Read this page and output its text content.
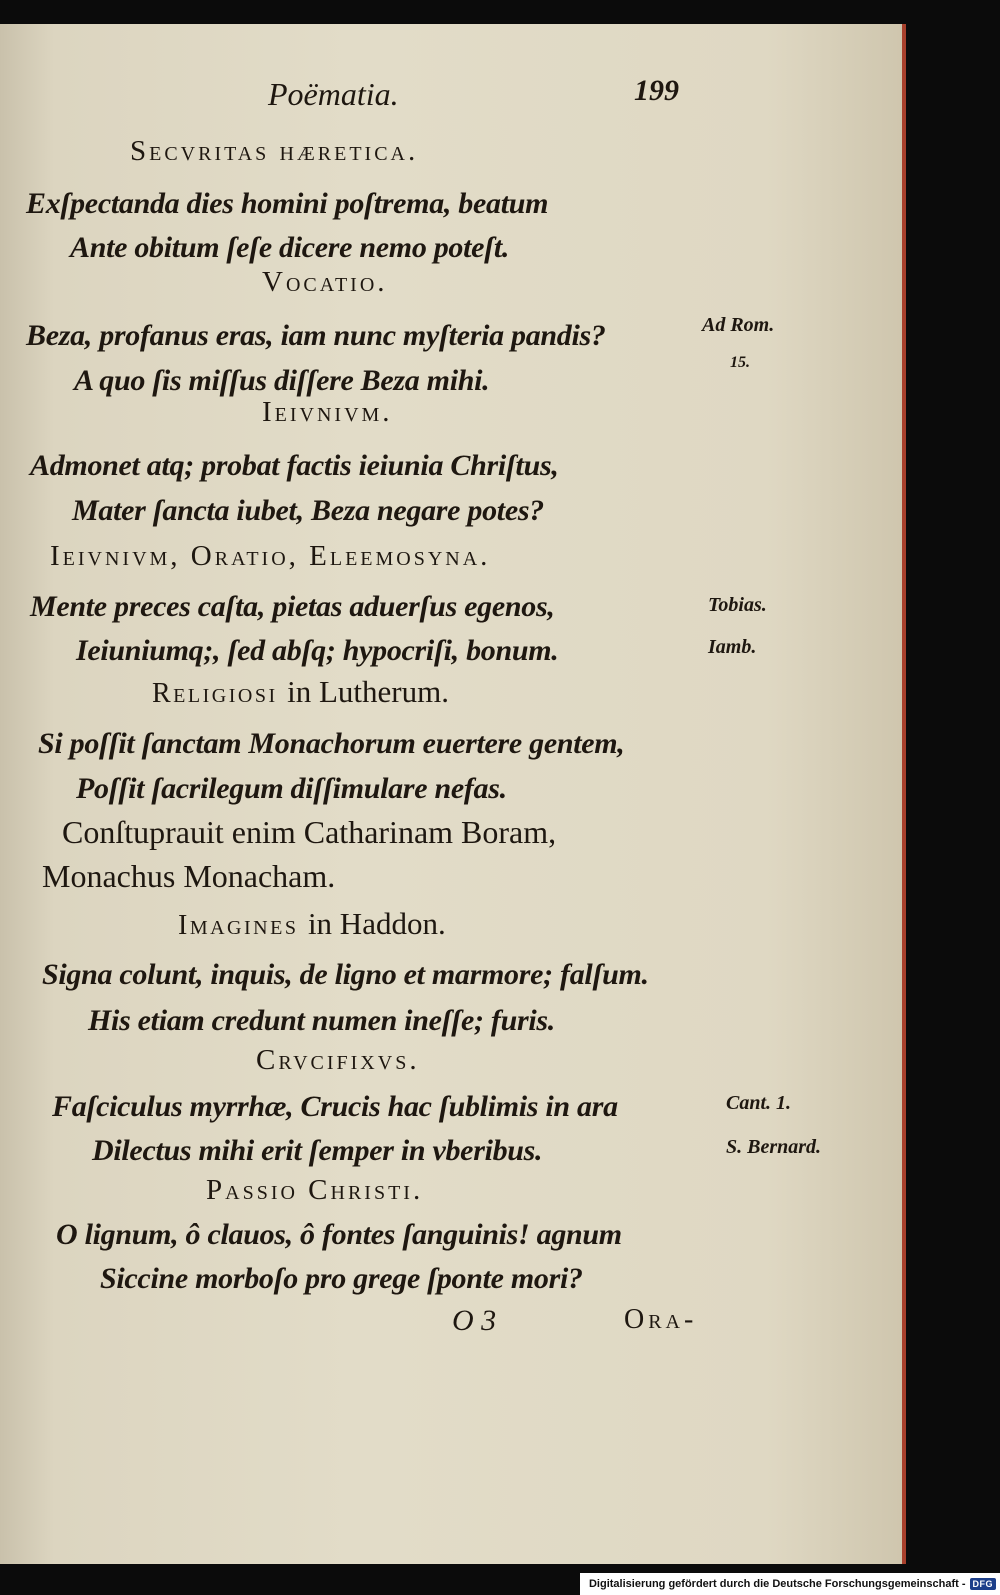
Poëmatia.	199
Secvritas hæretica.
Exſpectanda dies homini poſtrema, beatum
Ante obitum ſeſe dicere nemo poteſt.
Vocatio.
Beza, profanus eras, iam nunc myſteria pandis?
A quo ſis miſſus diſſere Beza mihi.
Ad Rom.
15.
Ieivnivm.
Admonet atq; probat factis ieiunia Chriſtus,
Mater ſancta iubet, Beza negare potes?
Ieivnivm, Oratio, Eleemosyna.
Mente preces caſta, pietas aduerſus egenos,
Ieiuniumq;, ſed abſq; hypocriſi, bonum.
Tobias.
Iamb.
Religiosi in Lutherum.
Si poſſit ſanctam Monachorum euertere gentem,
Poſſit ſacrilegum diſſimulare nefas.
Conſtuprauit enim Catharinam Boram,
Monachus Monacham.
Imagines in Haddon.
Signa colunt, inquis, de ligno et marmore; falſum.
His etiam credunt numen ineſſe; furis.
Crvcifixvs.
Faſciculus myrrhæ, Crucis hac ſublimis in ara
Dilectus mihi erit ſemper in vberibus.
Cant. 1.
S. Bernard.
Passio Christi.
O lignum, ô clauos, ô fontes ſanguinis! agnum
Siccine morboſo pro grege ſponte mori?
O 3	Ora-
Digitalisierung gefördert durch die Deutsche Forschungsgemeinschaft - DFG
